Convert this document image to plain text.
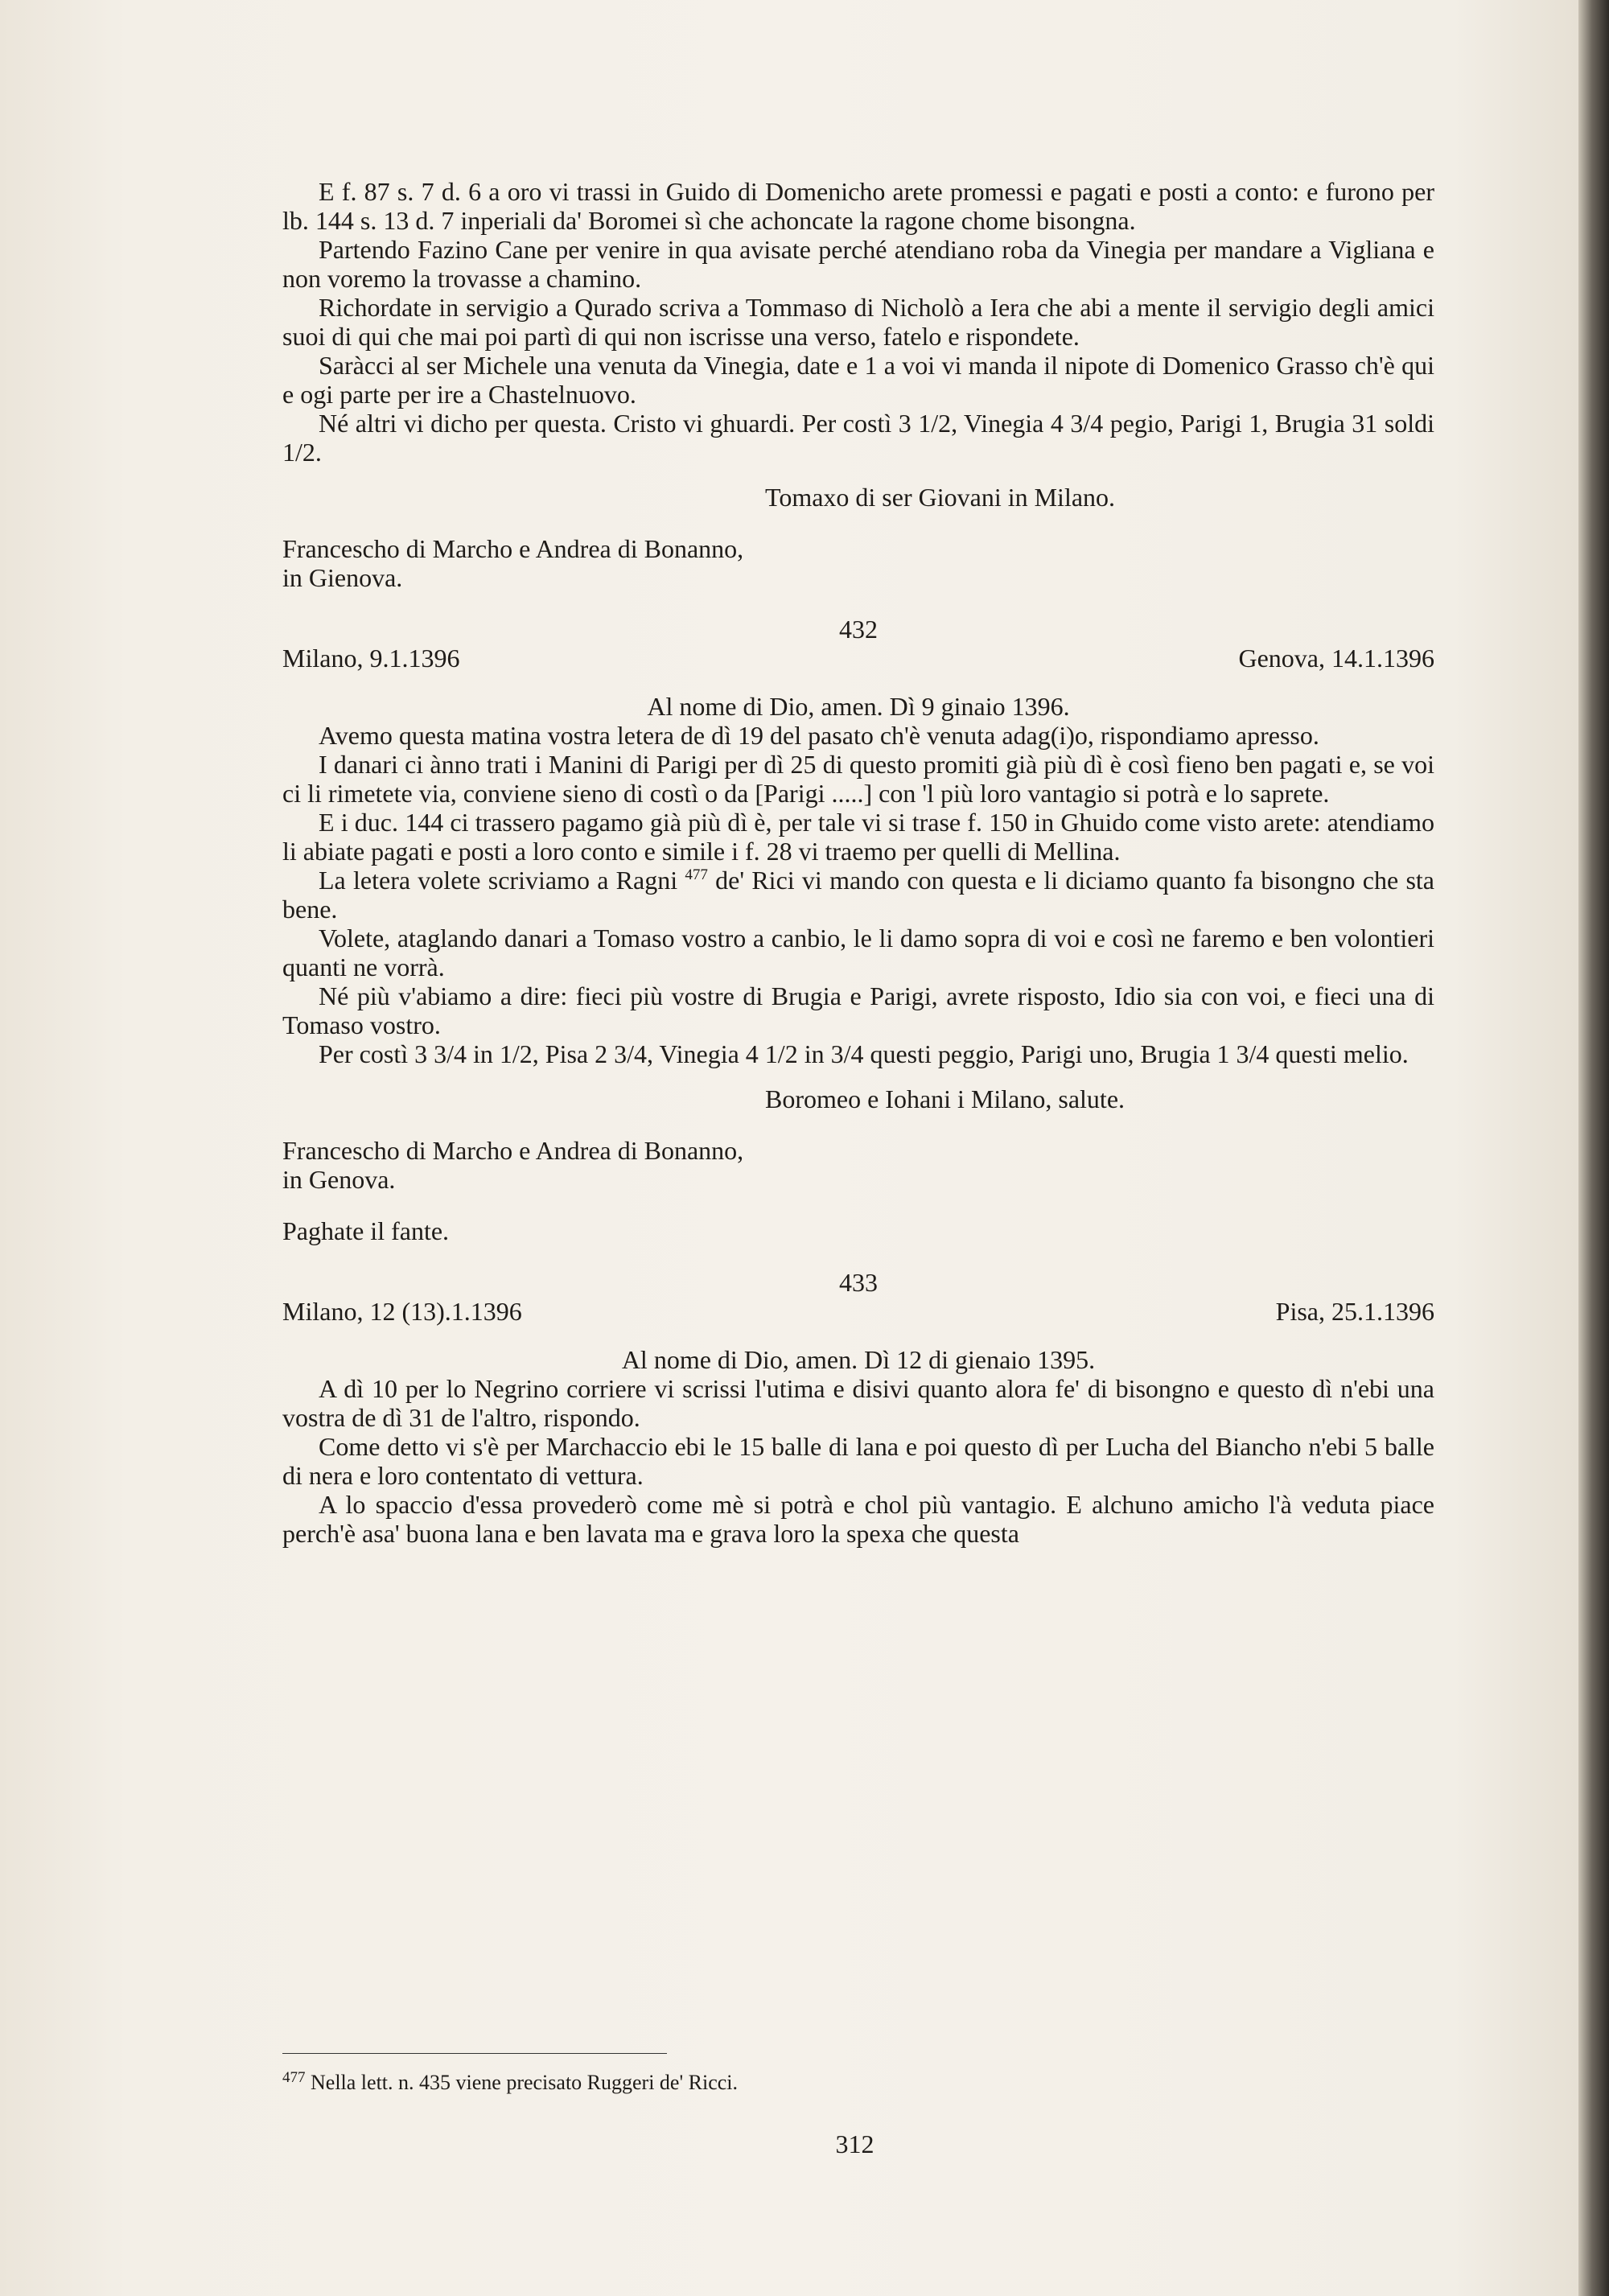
E f. 87 s. 7 d. 6 a oro vi trassi in Guido di Domenicho arete promessi e pagati e posti a conto: e furono per lb. 144 s. 13 d. 7 inperiali da' Boromei sì che achoncate la ragone chome bisongna.

Partendo Fazino Cane per venire in qua avisate perché atendiano roba da Vinegia per mandare a Vigliana e non voremo la trovasse a chamino.

Richordate in servigio a Qurado scriva a Tommaso di Nicholò a Iera che abi a mente il servigio degli amici suoi di qui che mai poi partì di qui non iscrisse una verso, fatelo e rispondete.

Saràcci al ser Michele una venuta da Vinegia, date e 1 a voi vi manda il nipote di Domenico Grasso ch'è qui e ogi parte per ire a Chastelnuovo.

Né altri vi dicho per questa. Cristo vi ghuardi. Per costì 3 1/2, Vinegia 4 3/4 pegio, Parigi 1, Brugia 31 soldi 1/2.

Tomaxo di ser Giovani in Milano.

Francescho di Marcho e Andrea di Bonanno,

in Gienova.

432

Milano, 9.1.1396	Genova, 14.1.1396

Al nome di Dio, amen. Dì 9 ginaio 1396.

Avemo questa matina vostra letera de dì 19 del pasato ch'è venuta adag(i)o, rispondiamo apresso.

I danari ci ànno trati i Manini di Parigi per dì 25 di questo promiti già più dì è così fieno ben pagati e, se voi ci li rimetete via, conviene sieno di costì o da [Parigi .....] con 'l più loro vantagio si potrà e lo saprete.

E i duc. 144 ci trassero pagamo già più dì è, per tale vi si trase f. 150 in Ghuido come visto arete: atendiamo li abiate pagati e posti a loro conto e simile i f. 28 vi traemo per quelli di Mellina.

La letera volete scriviamo a Ragni $^{477}$ de' Rici vi mando con questa e li diciamo quanto fa bisongno che sta bene.

Volete, ataglando danari a Tomaso vostro a canbio, le li damo sopra di voi e così ne faremo e ben volontieri quanti ne vorrà.

Né più v'abiamo a dire: fieci più vostre di Brugia e Parigi, avrete risposto, Idio sia con voi, e fieci una di Tomaso vostro.

Per costì 3 3/4 in 1/2, Pisa 2 3/4, Vinegia 4 1/2 in 3/4 questi peggio, Parigi uno, Brugia 1 3/4 questi melio.

Boromeo e Iohani i Milano, salute.

Francescho di Marcho e Andrea di Bonanno,

in Genova.

Paghate il fante.

433

Milano, 12 (13).1.1396	Pisa, 25.1.1396

Al nome di Dio, amen. Dì 12 di gienaio 1395.

A dì 10 per lo Negrino corriere vi scrissi l'utima e disivi quanto alora fe' di bisongno e questo dì n'ebi una vostra de dì 31 de l'altro, rispondo.

Come detto vi s'è per Marchaccio ebi le 15 balle di lana e poi questo dì per Lucha del Biancho n'ebi 5 balle di nera e loro contentato di vettura.

A lo spaccio d'essa proveder​ò come mè si potrà e chol più vantagio. E alchuno amicho l'à veduta piace perch'è asa' buona lana e ben lavata ma e grava loro la spexa che questa

$^{477}$ Nella lett. n. 435 viene precisato Ruggeri de' Ricci.
312
